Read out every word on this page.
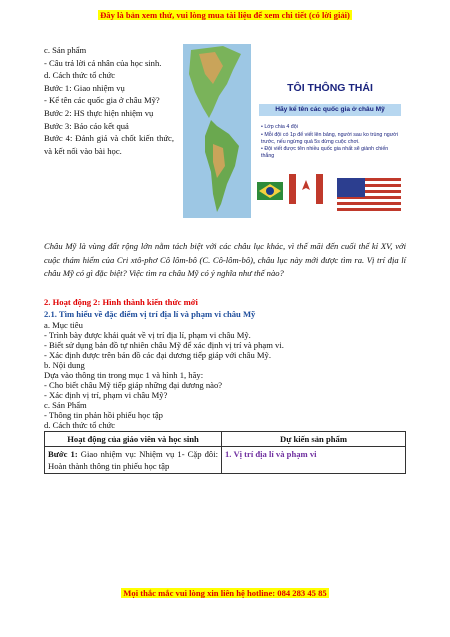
Đây là bản xem thử, vui lòng mua tài liệu để xem chi tiết (có lời giải)
c. Sản phẩm
- Câu trả lời cá nhân của học sinh.
d. Cách thức tổ chức
Bước 1: Giao nhiệm vụ
- Kể tên các quốc gia ở châu Mỹ?
Bước 2: HS thực hiện nhiệm vụ
Bước 3: Báo cáo kết quả
Bước 4: Đánh giá và chốt kiến thức, và kết nối vào bài học.
TÔI THÔNG THÁI
Hãy kể tên các quốc gia ở châu Mỹ
• Lớp chia 4 đội
• Mỗi đội có 1p để viết lên bảng, người sau ko trùng người trước, nếu ngừng quá 5s dừng cuộc chơi.
• Đội viết được tên nhiều quốc gia nhất sẽ giành chiến thắng
Châu Mỹ là vùng đất rộng lớn nằm tách biệt với các châu lục khác, vì thế mãi đến cuối thế kỉ XV, với cuộc thám hiểm của Cri xtô-phơ Cô lôm-bô (C. Cô-lôm-bô), châu lục này mới được tìm ra. Vị trí địa lí châu Mỹ có gì đặc biệt? Việc tìm ra châu Mỹ có ý nghĩa như thế nào?
2. Hoạt động 2: Hình thành kiến thức mới
2.1. Tìm hiểu về đặc điểm vị trí địa lí và phạm vi châu Mỹ
a. Mục tiêu
- Trình bày được khái quát về vị trí địa lí, phạm vi châu Mỹ.
- Biết sử dụng bản đồ tự nhiên châu Mỹ để xác định vị trí và phạm vi.
- Xác định được trên bản đồ các đại dương tiếp giáp với châu Mỹ.
b. Nội dung
Dựa vào thông tin trong mục 1 và hình 1, hãy:
- Cho biết châu Mỹ tiếp giáp những đại dương nào?
- Xác định vị trí, phạm vi châu Mỹ?
c. Sản Phẩm
Hoạt động của giáo viên và học sinh	Dự kiến sản phẩm
Bước 1: Giao nhiệm vụ: Nhiệm vụ 1- Cặp đôi: Hoàn thành thông tin phiếu học tập	1. Vị trí địa lí và phạm vi
Mọi thắc mắc vui lòng xin liên hệ hotline: 084 283 45 85
- Thông tin phản hồi phiếu học tập
d. Cách thức tổ chức
